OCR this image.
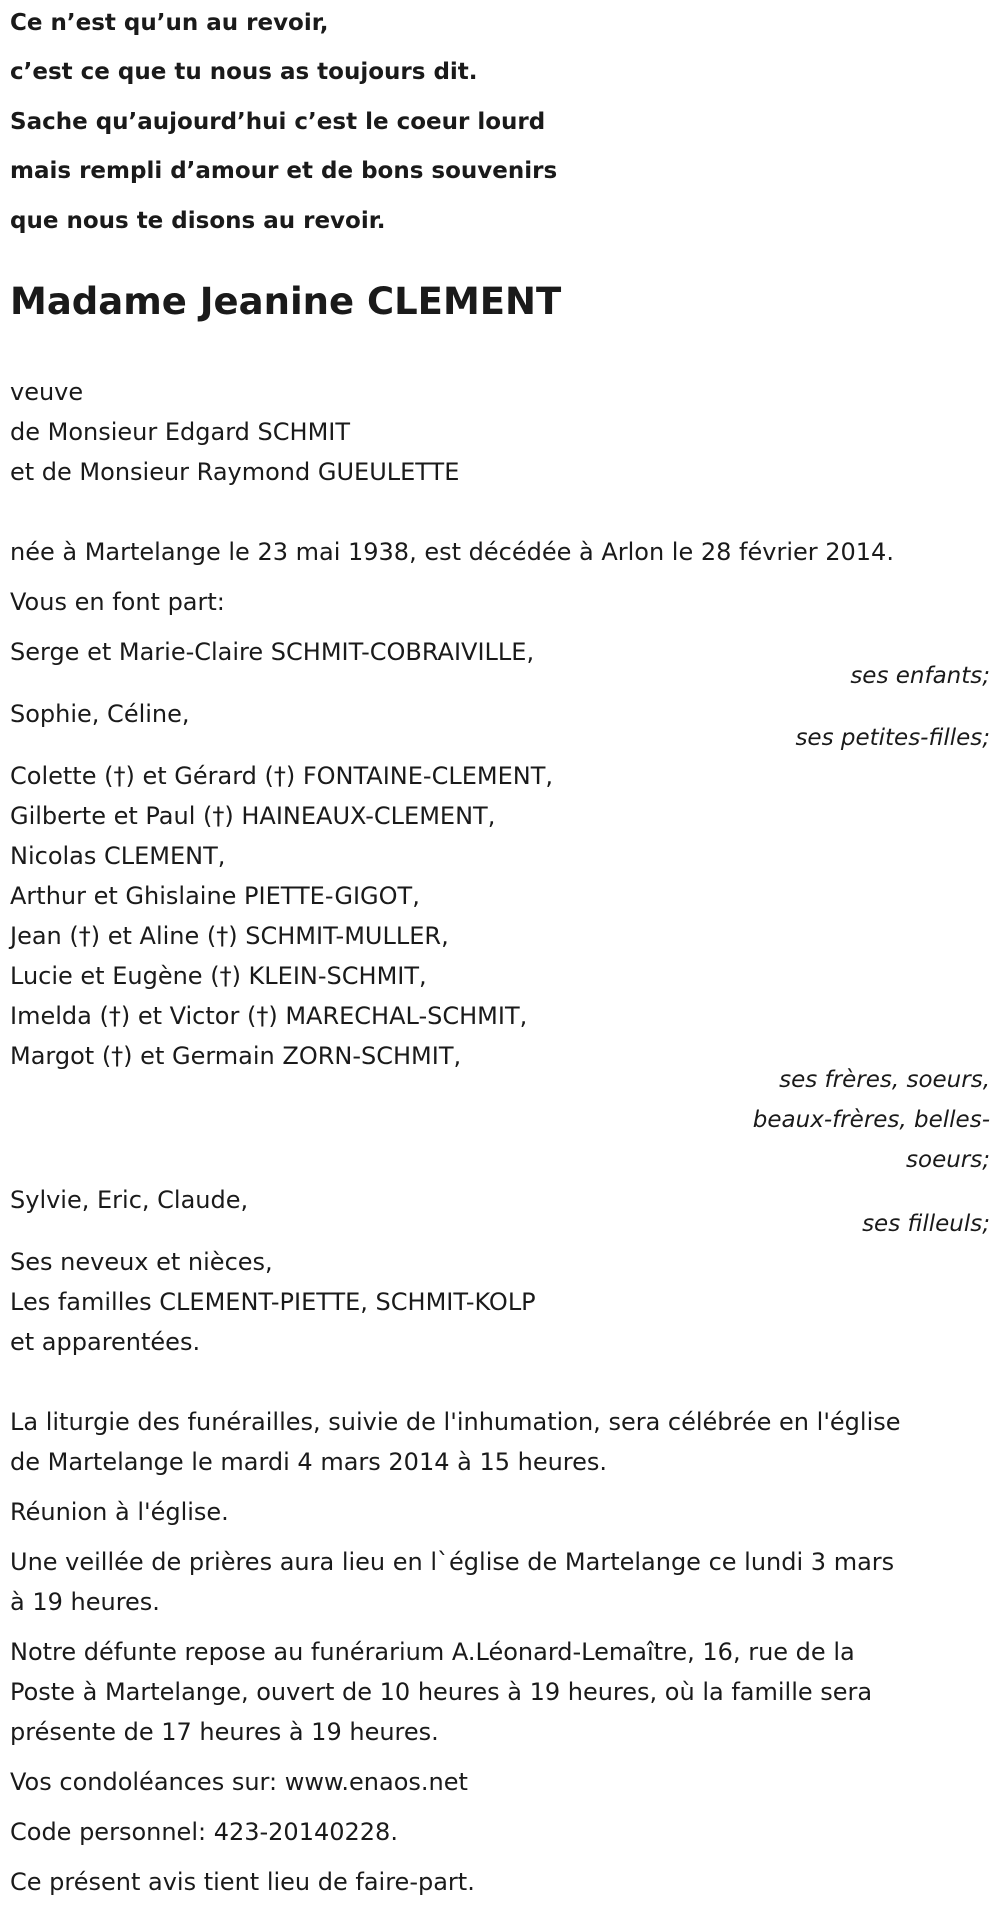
Ce n’est qu’un au revoir,
c’est ce que tu nous as toujours dit.
Sache qu’aujourd’hui c’est le coeur lourd
mais rempli d’amour et de bons souvenirs
que nous te disons au revoir.
Madame Jeanine CLEMENT
veuve
de Monsieur Edgard SCHMIT
et de Monsieur Raymond GUEULETTE
née à Martelange le 23 mai 1938, est décédée à Arlon le 28 février 2014.
Vous en font part:
Serge et Marie-Claire SCHMIT-COBRAIVILLE,
ses enfants;
Sophie, Céline,
ses petites-filles;
Colette (†) et Gérard (†) FONTAINE-CLEMENT,
Gilberte et Paul (†) HAINEAUX-CLEMENT,
Nicolas CLEMENT,
Arthur et Ghislaine PIETTE-GIGOT,
Jean (†) et Aline (†) SCHMIT-MULLER,
Lucie et Eugène (†) KLEIN-SCHMIT,
Imelda (†) et Victor (†) MARECHAL-SCHMIT,
Margot (†) et Germain ZORN-SCHMIT,
ses frères, soeurs,
beaux-frères, belles-
soeurs;
Sylvie, Eric, Claude,
ses filleuls;
Ses neveux et nièces,
Les familles CLEMENT-PIETTE, SCHMIT-KOLP
et apparentées.
La liturgie des funérailles, suivie de l'inhumation, sera célébrée en l'église
de Martelange le mardi 4 mars 2014 à 15 heures.
Réunion à l'église.
Une veillée de prières aura lieu en l`église de Martelange ce lundi 3 mars
à 19 heures.
Notre défunte repose au funérarium A.Léonard-Lemaître, 16, rue de la
Poste à Martelange, ouvert de 10 heures à 19 heures, où la famille sera
présente de 17 heures à 19 heures.
Vos condoléances sur: www.enaos.net
Code personnel: 423-20140228.
Ce présent avis tient lieu de faire-part.
